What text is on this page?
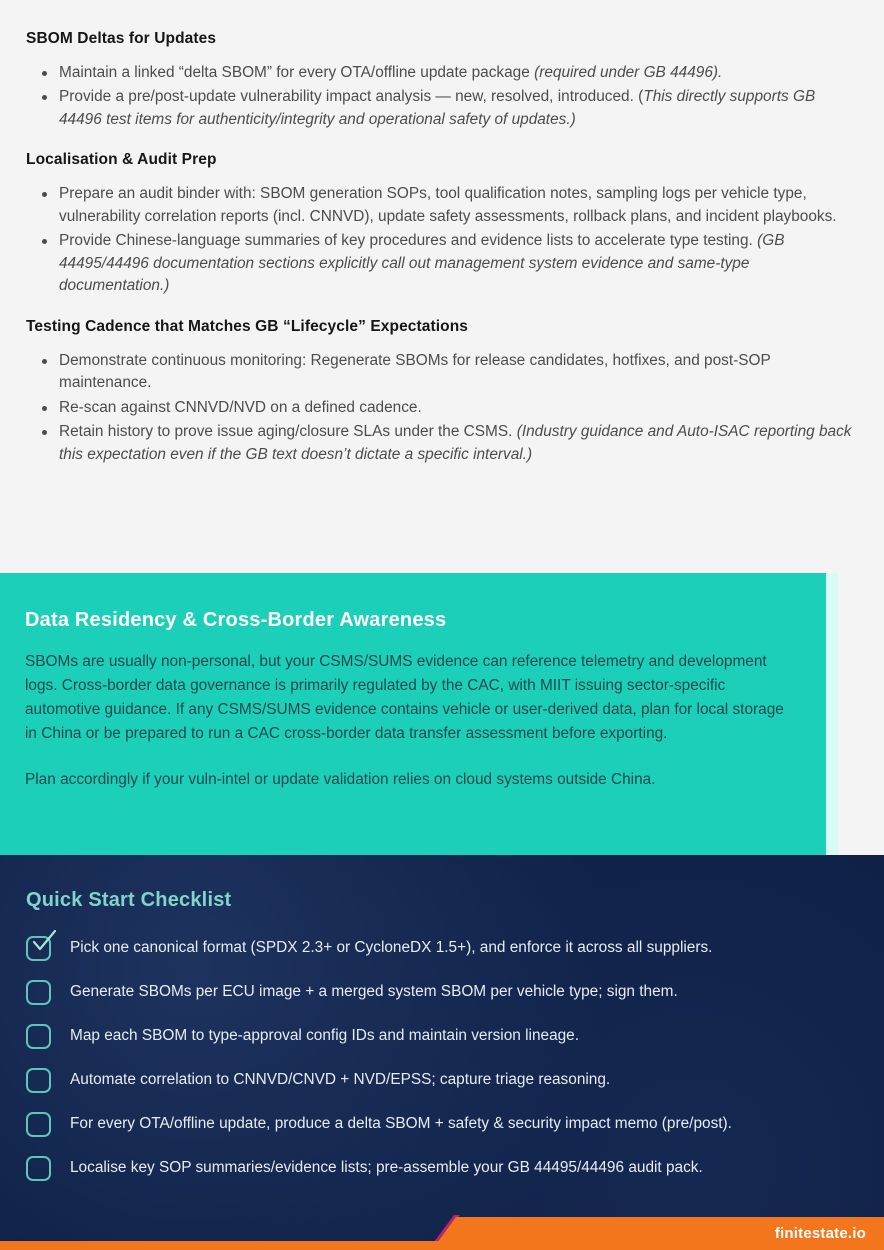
SBOM Deltas for Updates
Maintain a linked “delta SBOM” for every OTA/offline update package (required under GB 44496).
Provide a pre/post-update vulnerability impact analysis — new, resolved, introduced. (This directly supports GB 44496 test items for authenticity/integrity and operational safety of updates.)
Localisation & Audit Prep
Prepare an audit binder with: SBOM generation SOPs, tool qualification notes, sampling logs per vehicle type, vulnerability correlation reports (incl. CNNVD), update safety assessments, rollback plans, and incident playbooks.
Provide Chinese-language summaries of key procedures and evidence lists to accelerate type testing. (GB 44495/44496 documentation sections explicitly call out management system evidence and same-type documentation.)
Testing Cadence that Matches GB “Lifecycle” Expectations
Demonstrate continuous monitoring: Regenerate SBOMs for release candidates, hotfixes, and post-SOP maintenance.
Re-scan against CNNVD/NVD on a defined cadence.
Retain history to prove issue aging/closure SLAs under the CSMS. (Industry guidance and Auto-ISAC reporting back this expectation even if the GB text doesn’t dictate a specific interval.)
Data Residency & Cross-Border Awareness
SBOMs are usually non-personal, but your CSMS/SUMS evidence can reference telemetry and development logs. Cross-border data governance is primarily regulated by the CAC, with MIIT issuing sector-specific automotive guidance. If any CSMS/SUMS evidence contains vehicle or user-derived data, plan for local storage in China or be prepared to run a CAC cross-border data transfer assessment before exporting.
Plan accordingly if your vuln-intel or update validation relies on cloud systems outside China.
Quick Start Checklist
Pick one canonical format (SPDX 2.3+ or CycloneDX 1.5+), and enforce it across all suppliers.
Generate SBOMs per ECU image + a merged system SBOM per vehicle type; sign them.
Map each SBOM to type-approval config IDs and maintain version lineage.
Automate correlation to CNNVD/CNVD + NVD/EPSS; capture triage reasoning.
For every OTA/offline update, produce a delta SBOM + safety & security impact memo (pre/post).
Localise key SOP summaries/evidence lists; pre-assemble your GB 44495/44496 audit pack.
finitestate.io
